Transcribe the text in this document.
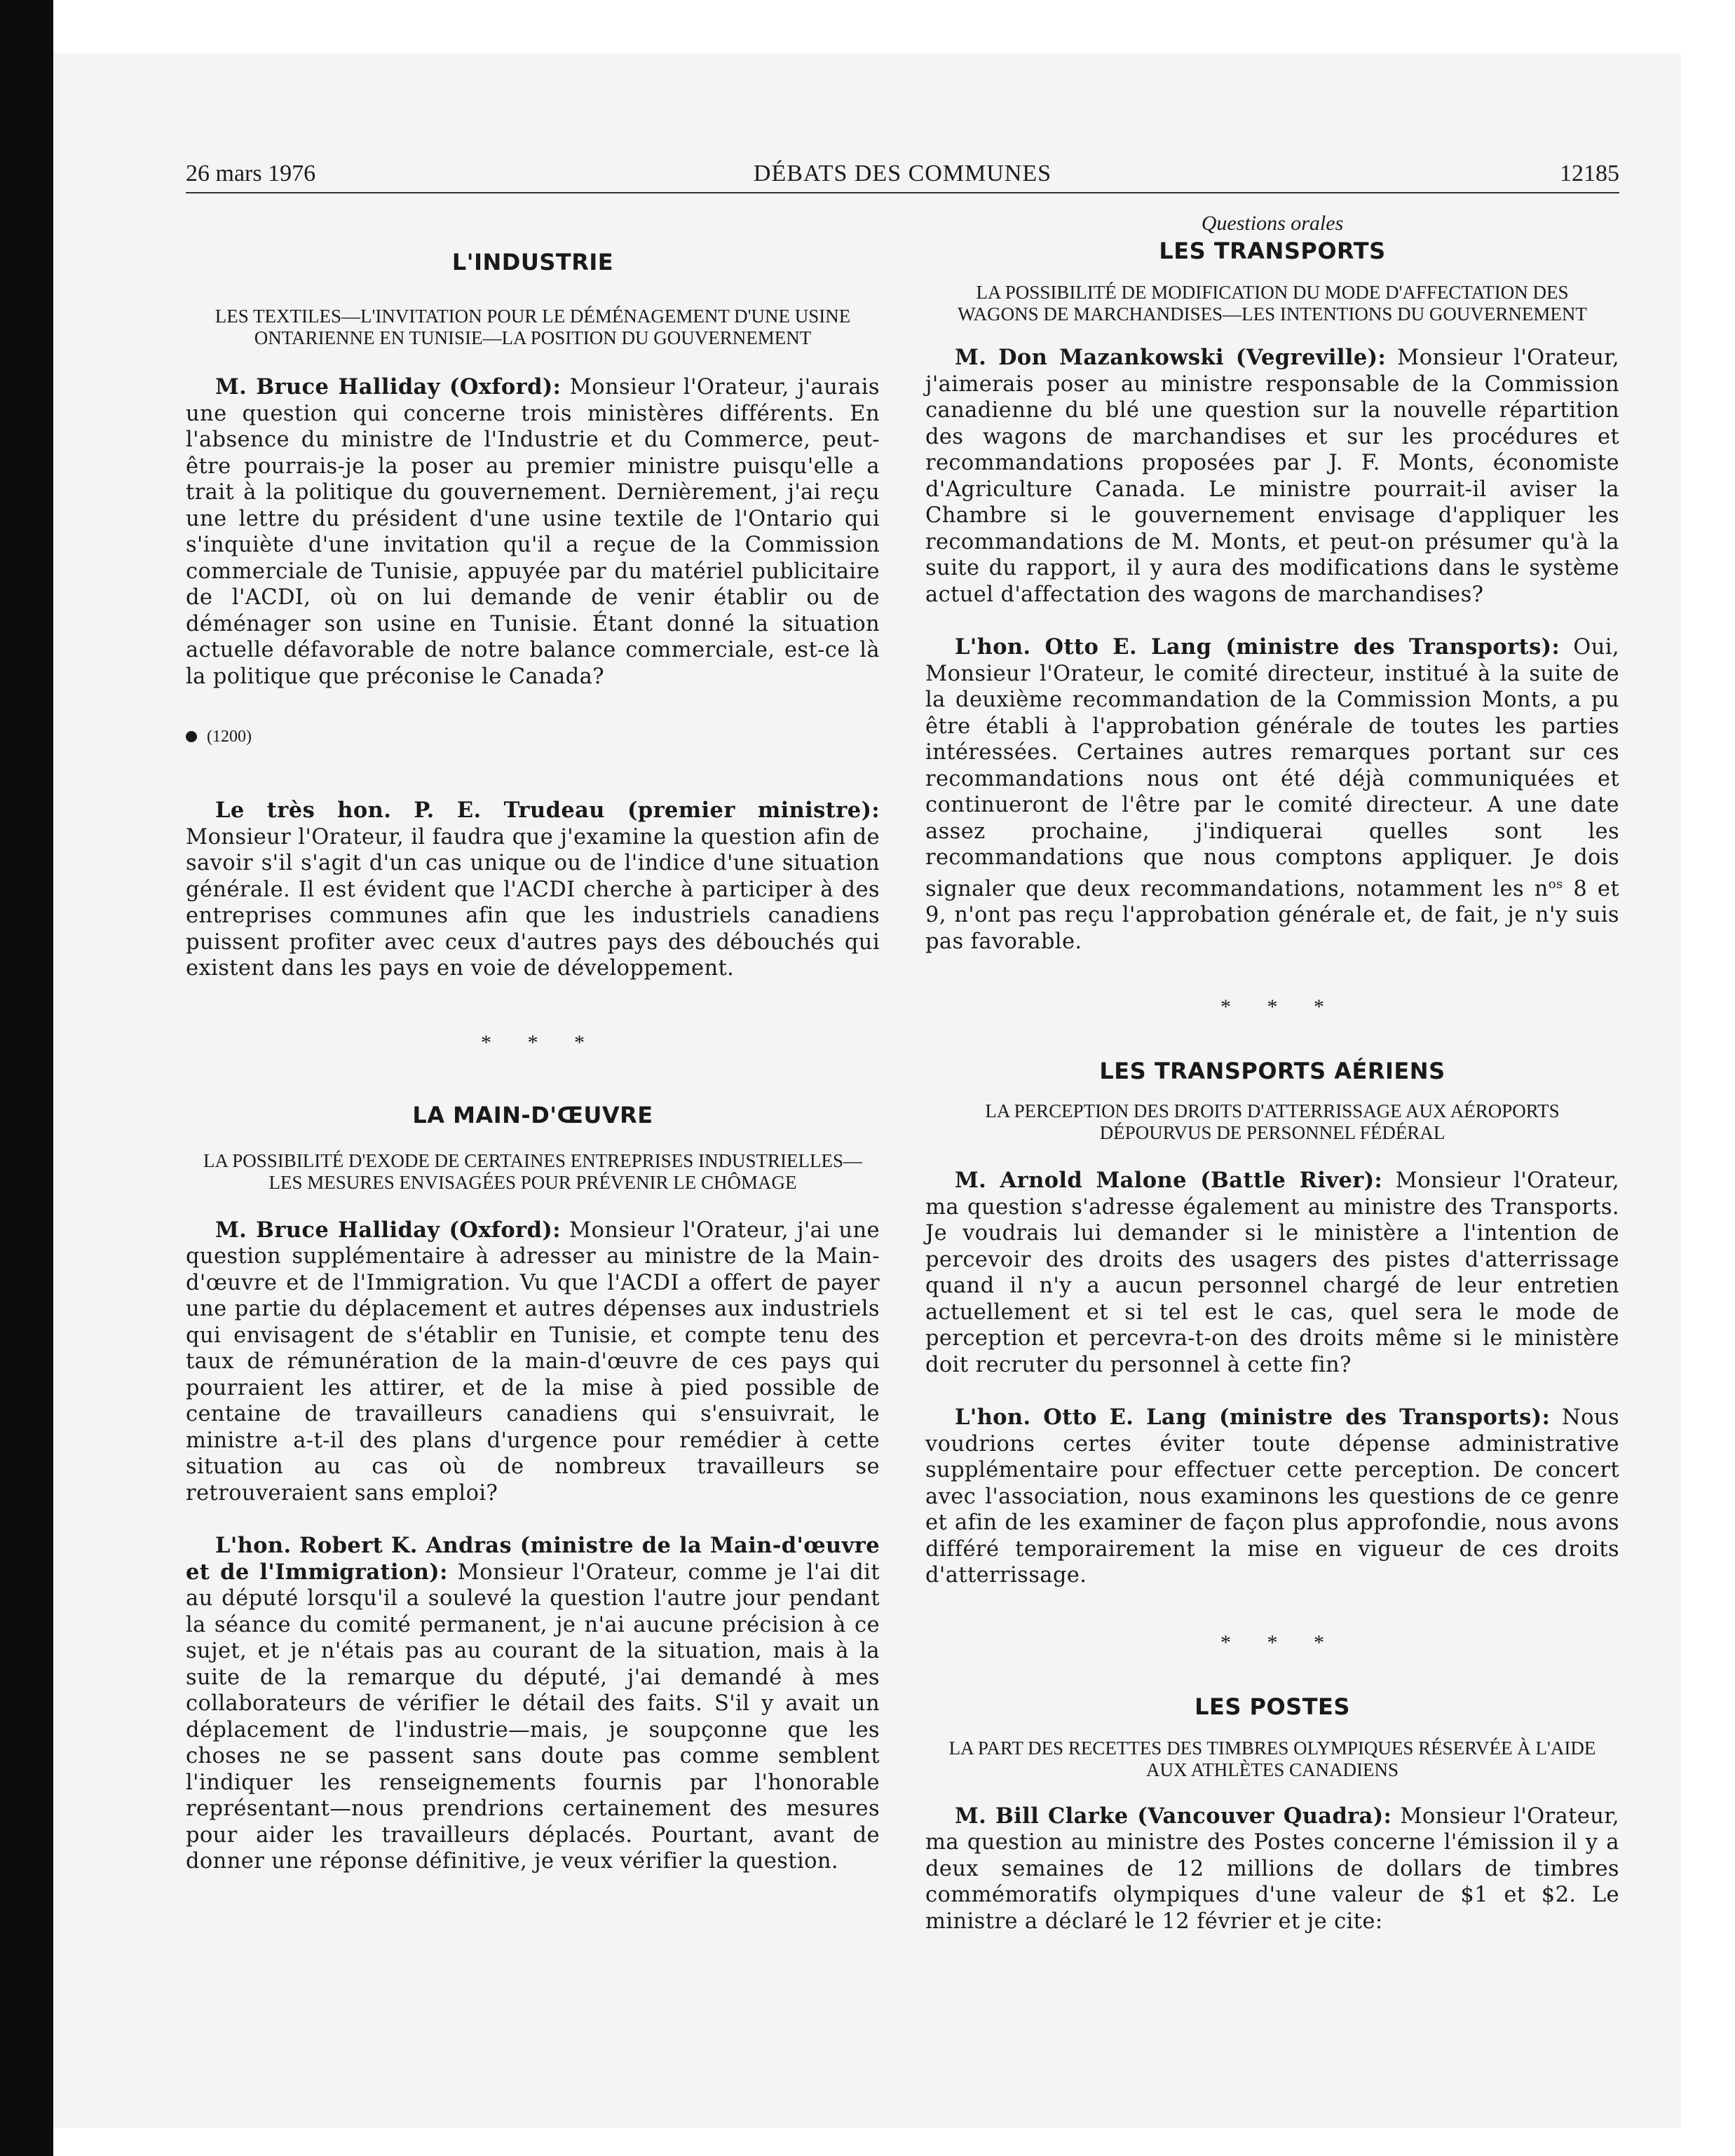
26 mars 1976	DÉBATS DES COMMUNES	12185
L'INDUSTRIE
LES TEXTILES—L'INVITATION POUR LE DÉMÉNAGEMENT D'UNE USINE ONTARIENNE EN TUNISIE—LA POSITION DU GOUVERNEMENT

M. Bruce Halliday (Oxford): Monsieur l'Orateur, j'aurais une question qui concerne trois ministères différents. En l'absence du ministre de l'Industrie et du Commerce, peut-être pourrais-je la poser au premier ministre puisqu'elle a trait à la politique du gouvernement. Dernièrement, j'ai reçu une lettre du président d'une usine textile de l'Ontario qui s'inquiète d'une invitation qu'il a reçue de la Commission commerciale de Tunisie, appuyée par du matériel publicitaire de l'ACDI, où on lui demande de venir établir ou de déménager son usine en Tunisie. Étant donné la situation actuelle défavorable de notre balance commerciale, est-ce là la politique que préconise le Canada?

(1200)

Le très hon. P. E. Trudeau (premier ministre): Monsieur l'Orateur, il faudra que j'examine la question afin de savoir s'il s'agit d'un cas unique ou de l'indice d'une situation générale. Il est évident que l'ACDI cherche à participer à des entreprises communes afin que les industriels canadiens puissent profiter avec ceux d'autres pays des débouchés qui existent dans les pays en voie de développement.

* * *
LA MAIN-D'ŒUVRE
LA POSSIBILITÉ D'EXODE DE CERTAINES ENTREPRISES INDUSTRIELLES—LES MESURES ENVISAGÉES POUR PRÉVENIR LE CHÔMAGE

M. Bruce Halliday (Oxford): Monsieur l'Orateur, j'ai une question supplémentaire à adresser au ministre de la Main-d'œuvre et de l'Immigration. Vu que l'ACDI a offert de payer une partie du déplacement et autres dépenses aux industriels qui envisagent de s'établir en Tunisie, et compte tenu des taux de rémunération de la main-d'œuvre de ces pays qui pourraient les attirer, et de la mise à pied possible de centaine de travailleurs canadiens qui s'ensuivrait, le ministre a-t-il des plans d'urgence pour remédier à cette situation au cas où de nombreux travailleurs se retrouveraient sans emploi?

L'hon. Robert K. Andras (ministre de la Main-d'œuvre et de l'Immigration): Monsieur l'Orateur, comme je l'ai dit au député lorsqu'il a soulevé la question l'autre jour pendant la séance du comité permanent, je n'ai aucune précision à ce sujet, et je n'étais pas au courant de la situation, mais à la suite de la remarque du député, j'ai demandé à mes collaborateurs de vérifier le détail des faits. S'il y avait un déplacement de l'industrie—mais, je soupçonne que les choses ne se passent sans doute pas comme semblent l'indiquer les renseignements fournis par l'honorable représentant—nous prendrions certainement des mesures pour aider les travailleurs déplacés. Pourtant, avant de donner une réponse définitive, je veux vérifier la question.

Questions orales
LES TRANSPORTS
LA POSSIBILITÉ DE MODIFICATION DU MODE D'AFFECTATION DES WAGONS DE MARCHANDISES—LES INTENTIONS DU GOUVERNEMENT

M. Don Mazankowski (Vegreville): Monsieur l'Orateur, j'aimerais poser au ministre responsable de la Commission canadienne du blé une question sur la nouvelle répartition des wagons de marchandises et sur les procédures et recommandations proposées par J. F. Monts, économiste d'Agriculture Canada. Le ministre pourrait-il aviser la Chambre si le gouvernement envisage d'appliquer les recommandations de M. Monts, et peut-on présumer qu'à la suite du rapport, il y aura des modifications dans le système actuel d'affectation des wagons de marchandises?

L'hon. Otto E. Lang (ministre des Transports): Oui, Monsieur l'Orateur, le comité directeur, institué à la suite de la deuxième recommandation de la Commission Monts, a pu être établi à l'approbation générale de toutes les parties intéressées. Certaines autres remarques portant sur ces recommandations nous ont été déjà communiquées et continueront de l'être par le comité directeur. A une date assez prochaine, j'indiquerai quelles sont les recommandations que nous comptons appliquer. Je dois signaler que deux recommandations, notamment les $n^{os}$ 8 et 9, n'ont pas reçu l'approbation générale et, de fait, je n'y suis pas favorable.

* * *
LES TRANSPORTS AÉRIENS
LA PERCEPTION DES DROITS D'ATTERRISSAGE AUX AÉROPORTS DÉPOURVUS DE PERSONNEL FÉDÉRAL

M. Arnold Malone (Battle River): Monsieur l'Orateur, ma question s'adresse également au ministre des Transports. Je voudrais lui demander si le ministère a l'intention de percevoir des droits des usagers des pistes d'atterrissage quand il n'y a aucun personnel chargé de leur entretien actuellement et si tel est le cas, quel sera le mode de perception et percevra-t-on des droits même si le ministère doit recruter du personnel à cette fin?

L'hon. Otto E. Lang (ministre des Transports): Nous voudrions certes éviter toute dépense administrative supplémentaire pour effectuer cette perception. De concert avec l'association, nous examinons les questions de ce genre et afin de les examiner de façon plus approfondie, nous avons différé temporairement la mise en vigueur de ces droits d'atterrissage.

* * *
LES POSTES
LA PART DES RECETTES DES TIMBRES OLYMPIQUES RÉSERVÉE À L'AIDE AUX ATHLÈTES CANADIENS

M. Bill Clarke (Vancouver Quadra): Monsieur l'Orateur, ma question au ministre des Postes concerne l'émission il y a deux semaines de 12 millions de dollars de timbres commémoratifs olympiques d'une valeur de $1 et $2. Le ministre a déclaré le 12 février et je cite:
